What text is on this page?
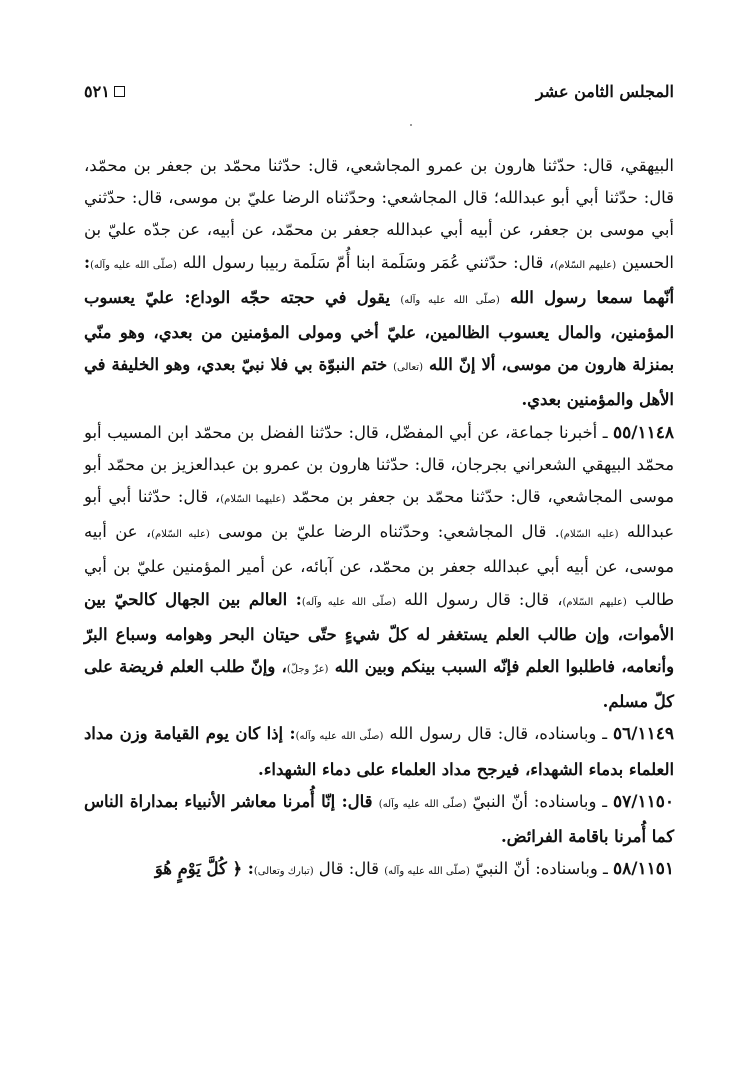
المجلس الثامن عشر
٥٢١

البيهقي، قال: حدّثنا هارون بن عمرو المجاشعي، قال: حدّثنا محمّد بن جعفر بن محمّد، قال: حدّثنا أبي أبو عبدالله؛ قال المجاشعي: وحدّثناه الرضا عليّ بن موسى، قال: حدّثني أبي موسى بن جعفر، عن أبيه أبي عبدالله جعفر بن محمّد، عن أبيه، عن جدّه عليّ بن الحسين (عليهم السّلام)، قال: حدّثني عُمَر وسَلَمة ابنا أُمّ سَلَمة ربيبا رسول الله (صلّى الله عليه وآله): أنّهما سمعا رسول الله (صلّى الله عليه وآله) يقول في حجته حجّه الوداع: عليّ يعسوب المؤمنين، والمال يعسوب الظالمين، عليّ أخي ومولى المؤمنين من بعدي، وهو منّي بمنزلة هارون من موسى، ألا إنّ الله (تعالى) ختم النبوّة بي فلا نبيّ بعدي، وهو الخليفة في الأهل والمؤمنين بعدي.

٥٥/١١٤٨ ـ أخبرنا جماعة، عن أبي المفضّل، قال: حدّثنا الفضل بن محمّد ابن المسيب أبو محمّد البيهقي الشعراني بجرجان، قال: حدّثنا هارون بن عمرو بن عبدالعزيز بن محمّد أبو موسى المجاشعي، قال: حدّثنا محمّد بن جعفر بن محمّد (عليهما السّلام)، قال: حدّثنا أبي أبو عبدالله (عليه السّلام). قال المجاشعي: وحدّثناه الرضا عليّ بن موسى (عليه السّلام)، عن أبيه موسى، عن أبيه أبي عبدالله جعفر بن محمّد، عن آبائه، عن أمير المؤمنين عليّ بن أبي طالب (عليهم السّلام)، قال: قال رسول الله (صلّى الله عليه وآله): العالم بين الجهال كالحيّ بين الأموات، وإن طالب العلم يستغفر له كلّ شيءٍ حتّى حيتان البحر وهوامه وسباع البرّ وأنعامه، فاطلبوا العلم فإنّه السبب بينكم وبين الله (عزّ وجلّ)، وإنّ طلب العلم فريضة على كلّ مسلم.

٥٦/١١٤٩ ـ وباسناده، قال: قال رسول الله (صلّى الله عليه وآله): إذا كان يوم القيامة وزن مداد العلماء بدماء الشهداء، فيرجح مداد العلماء على دماء الشهداء.

٥٧/١١٥٠ ـ وباسناده: أنّ النبيّ (صلّى الله عليه وآله) قال: إنّا أُمرنا معاشر الأنبياء بمداراة الناس كما أُمرنا باقامة الفرائض.

٥٨/١١٥١ ـ وباسناده: أنّ النبيّ (صلّى الله عليه وآله) قال: قال (تبارك وتعالى): ﴿ كُلَّ يَوْمٍ هُوَ
